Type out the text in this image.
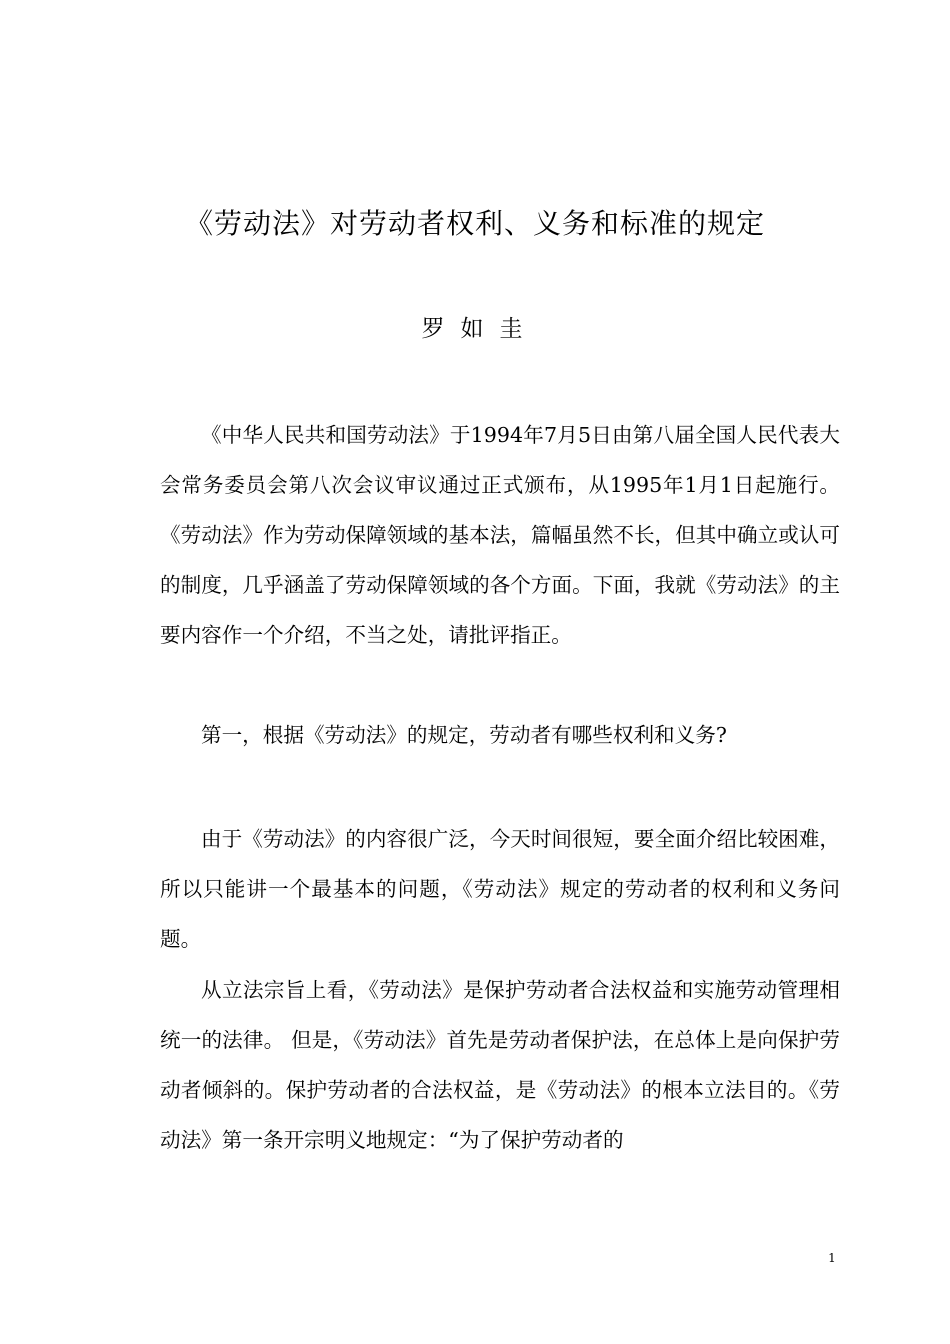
《劳动法》对劳动者权利、义务和标准的规定
罗如圭

《中华人民共和国劳动法》于1994年7月5日由第八届全国人民代表大会常务委员会第八次会议审议通过正式颁布，从1995年1月1日起施行。《劳动法》作为劳动保障领域的基本法，篇幅虽然不长，但其中确立或认可的制度，几乎涵盖了劳动保障领域的各个方面。下面，我就《劳动法》的主要内容作一个介绍，不当之处，请批评指正。

第一，根据《劳动法》的规定，劳动者有哪些权利和义务?

由于《劳动法》的内容很广泛，今天时间很短，要全面介绍比较困难，所以只能讲一个最基本的问题，《劳动法》规定的劳动者的权利和义务问题。

从立法宗旨上看，《劳动法》是保护劳动者合法权益和实施劳动管理相统一的法律。 但是，《劳动法》首先是劳动者保护法，在总体上是向保护劳动者倾斜的。保护劳动者的合法权益，是《劳动法》的根本立法目的。《劳动法》第一条开宗明义地规定：“为了保护劳动者的

1
